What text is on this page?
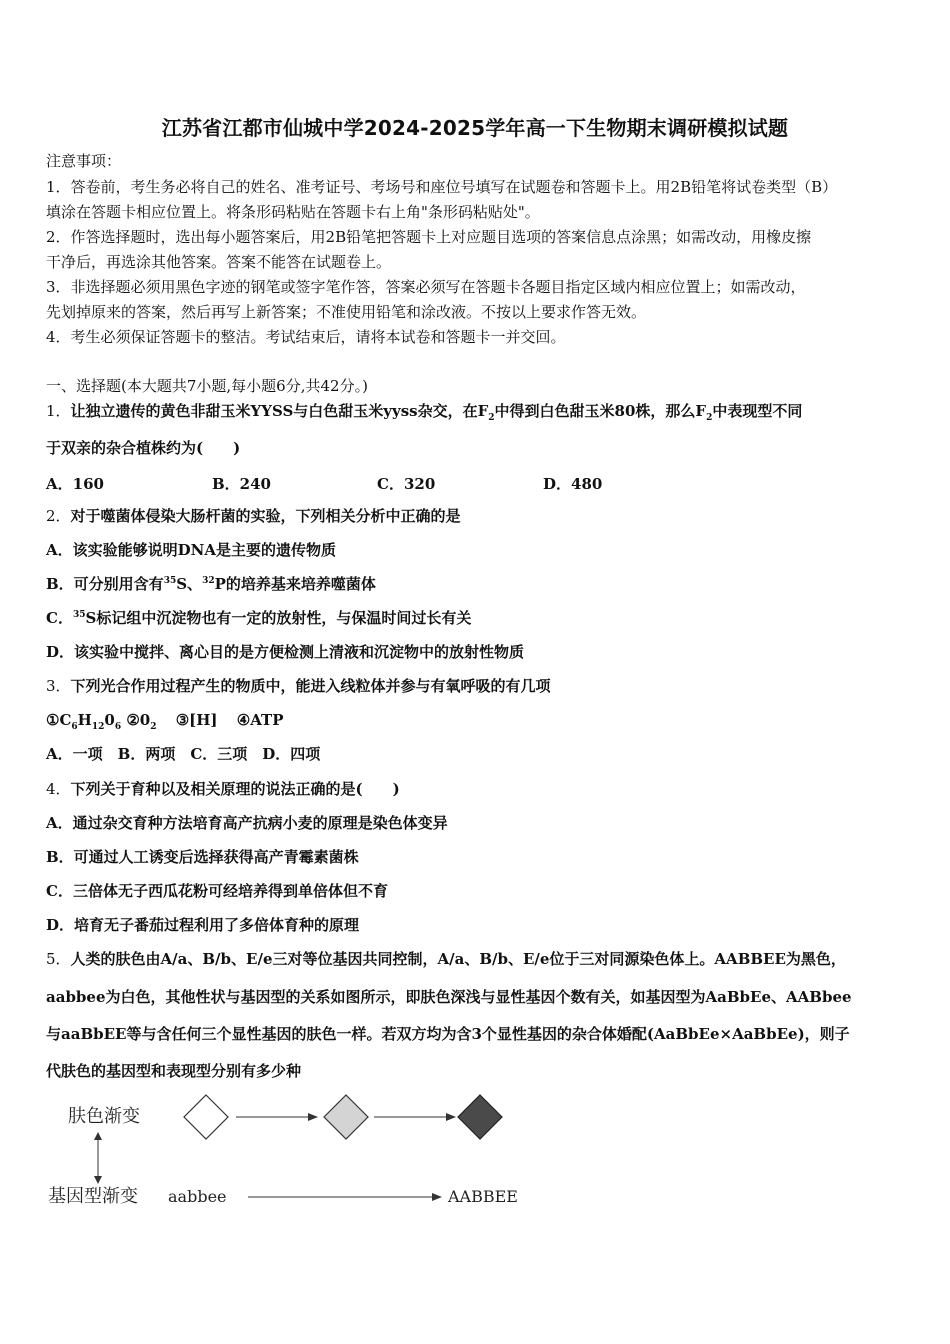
江苏省江都市仙城中学2024-2025学年高一下生物期末调研模拟试题
注意事项：
1．答卷前，考生务必将自己的姓名、准考证号、考场号和座位号填写在试题卷和答题卡上。用2B铅笔将试卷类型（B）
填涂在答题卡相应位置上。将条形码粘贴在答题卡右上角"条形码粘贴处"。
2．作答选择题时，选出每小题答案后，用2B铅笔把答题卡上对应题目选项的答案信息点涂黑；如需改动，用橡皮擦
干净后，再选涂其他答案。答案不能答在试题卷上。
3．非选择题必须用黑色字迹的钢笔或签字笔作答，答案必须写在答题卡各题目指定区域内相应位置上；如需改动，
先划掉原来的答案，然后再写上新答案；不准使用铅笔和涂改液。不按以上要求作答无效。
4．考生必须保证答题卡的整洁。考试结束后，请将本试卷和答题卡一并交回。
一、选择题(本大题共7小题,每小题6分,共42分。)
1．让独立遗传的黄色非甜玉米YYSS与白色甜玉米yyss杂交，在$F_2$中得到白色甜玉米80株，那么$F_2$中表现型不同
于双亲的杂合植株约为(　　)
A．160	B．240	C．320	D．480
2．对于噬菌体侵染大肠杆菌的实验，下列相关分析中正确的是
A．该实验能够说明DNA是主要的遗传物质
B．可分别用含有$^{35}$S、$^{32}$P的培养基来培养噬菌体
C．$^{35}$S标记组中沉淀物也有一定的放射性，与保温时间过长有关
D．该实验中搅拌、离心目的是方便检测上清液和沉淀物中的放射性物质
3．下列光合作用过程产生的物质中，能进入线粒体并参与有氧呼吸的有几项
$①C_6H_{12}0_6$ $②0_2$ ③[H] ④ATP
A．一项　B．两项　C．三项　D．四项
4．下列关于育种以及相关原理的说法正确的是(　　)
A．通过杂交育种方法培育高产抗病小麦的原理是染色体变异
B．可通过人工诱变后选择获得高产青霉素菌株
C．三倍体无子西瓜花粉可经培养得到单倍体但不育
D．培育无子番茄过程利用了多倍体育种的原理
5．人类的肤色由A/a、B/b、E/e三对等位基因共同控制，A/a、B/b、E/e位于三对同源染色体上。AABBEE为黑色，
aabbee为白色，其他性状与基因型的关系如图所示，即肤色深浅与显性基因个数有关，如基因型为AaBbEe、AABbee
与aaBbEE等与含任何三个显性基因的肤色一样。若双方均为含3个显性基因的杂合体婚配(AaBbEe×AaBbEe)，则子
代肤色的基因型和表现型分别有多少种
肤色渐变
基因型渐变 aabbee	AABBEE
